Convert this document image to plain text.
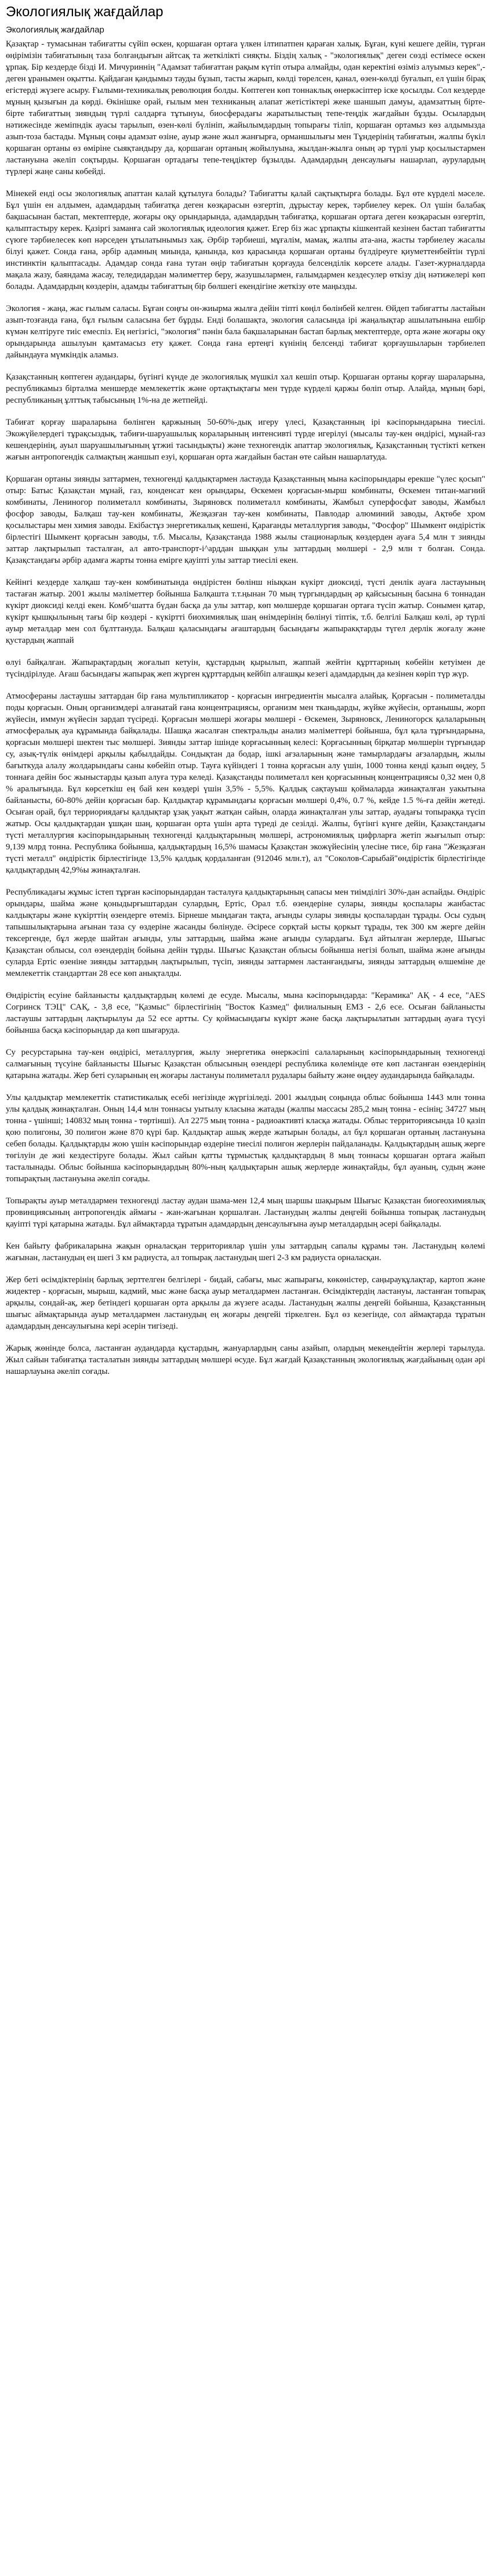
Экологиялық жағдайлар
Экологиялық жағдайлар

Қазақтар - тумасынан табиғатты сүйіп өскен, қоршаған ортаға үлкен ілтипатпен қараған халық. Бұған, күні кешеге дейін, түрған өңірімізін табиғатының таза болғандығын айтсақ та жеткілікті сияқты. Біздің халық - "экологиялық" деген сөзді естімесе өскен ұрпақ. Бір кездерде бізді И. Мичуриннің "Адамзат табиғаттан рақым күтіп отыра алмайды, одан керектіні өзіміз алуымыз керек",- деген ұранымен оқытты. Қайдаған қандымыз тауды бұзып, тасты жарып, көлді төрелсен, қанал, өзен-көлді буғалып, ел үшін бірақ егістерді жүзеге асыру. Ғылыми-техникалық революция болды. Көптеген көп тоннаклық өнеркәсіптер іске қосылды. Сол кездерде мұның қызығын да көрді. Өкінішке орай, ғылым мен техниканың алапат жетістіктері жеке шаншып дамуы, адамзаттың бірте-бірте табиғаттың зияндың түрлі салдарға тұтынуы, биосферадағы жаратылыстың тепе-теңдік жағдайын бұзды. Осылардың нәтижесінде жеміпндік ауасы тарылып, өзен-көлі бүлініп, жайылымдардың топырағы тіліп, қоршаған ортамыз көз алдымызда азып-тоза бастады. Мұның соңы адамзат өзіне, ауыр және жыл жанғырға, орманшылығы мен Тұндерінің табиғатын, жалпы бүкіл қоршаған ортаны өз өміріне сыяқтандыру да, қоршаған ортаның жойылуына, жылдан-жылға оның әр түрлі уыр қосылыстармен ластануына әкеліп соқтырды. Қоршаған ортадағы тепе-теңдіктер бұзылды. Адамдардың денсаулығы нашарлап, аурулардың түрлері жаңе саны көбейді.

Мінекей енді осы экологиялық апаттан калай құтылуға болады? Табиғатты қалай сақтықтырға болады. Бұл өте күрделі мәселе. Бұл үшін ен алдымен, адамдардың табиғатқа деген көзқарасын өзгертіп, дұрыстау керек, тәрбиелеу керек. Ол үшін балабақ бақшасынан бастап, мектептерде, жоғары оқу орындарында, адамдардың табиғатқа, қоршаған ортаға деген көзқарасын өзгертіп, қалыптастыру керек. Қазіргі заманға сай экологиялық идеология қажет. Егер біз жас ұрпақты кішкентай кезінен бастап табиғатты сүюге тәрбиелесек көп нәрседен ұтылатынымыз хақ. Әрбір тәрбиеші, мұғалім, мамақ, жалпы ата-ана, жасты тәрбиелеу жасалы білуі қажет. Сонда ғана, әрбір адамның миында, қанында, көз қарасында қоршаған ортаны бүлдіреуге қиуметтенбейтін түрлі инстинктін қалыптасады. Адамдар сонда ғана тутан өңір табиғатын қорғауда белсенділік көрсете алады. Газет-журналдарда мақала жазу, баяндама жасау, теледидардан мәлиметтер беру, жазушылармен, ғалымдармен кездесулер өткізу дің нәтижелері көп болады. Адамдардың көздерін, адамды табиғаттың бір бөлшегі екендігіне жеткізу өте маңызды.

Экология - жаңа, жас ғылым саласы. Бұған соңғы он-жиырма жылға дейін тіпті көңіл бөлінбей келген. Өйдеп табиғатты ластайын азып-тозғанда ғана, бұл ғылым саласына бет бұрды. Енді болашақта, экология саласында ірі жаңалықтар ашылатынына ешбір күмән келтіруге тиіс емеспіз. Ең негізгісі, "экология" пәнін бала бақшаларынан бастап барлық мектептерде, орта және жоғары оқу орындарында ашылуын қамтамасыз ету қажет. Сонда ғана ертеңгі күнінің белсенді табиғат қорғаушыларын тәрбиелеп дайындауға мүмкіндік аламыз.

Қазақстанның көптеген аудандары, бүгінгі күнде де экологиялық мүшкіл хал кешіп отыр. Қоршаған ортаны қорғау шараларына, республикамыз бірталма меншерде мемлекеттік және ортақтықтағы мен түрде күрделі қаржы бөліп отыр. Алайда, мұның бәрі, республиканың ұлттық табысының 1%-на де жетпейді.

Табиғат қорғау шараларына бөлінген қаржының 50-60%-дық игеру үлесі, Қазақстанның ірі кәсіпорындарына тиесілі. Экожүйелердегі тұрақсыздық, табиғи-шаруашылық кораларының интенсивті түрде игерілуі (мысалы тау-кен өндірісі, мұнай-газ кешендерінің, ауыл шаруашылығының ұтжиі тасындықты) және техногендік апаттар экологиялық, Қазақстанның түстікті кеткен жағын антропогендік салмақтың жаншып езуі, қоршаған орта жағдайын бастан өте сайын нашарлатуда.

Қоршаған ортаны зиянды заттармен, техногенді қалдықтармен ластауда Қазақстанның мына кәсіпорындары ерекше "үлес қосып" отыр: Батыс Қазақстан мұнай, газ, конденсат кен орындары, Өскемен қорғасын-мырш комбинаты, Өскемен титан-магний комбинаты, Лениногор полиметалл комбинаты, Зыряновск полиметалл комбинаты, Жамбыл суперфосфат заводы, Жамбыл фосфор заводы, Балқаш тау-кен комбинаты, Жезқазған тау-кен комбинаты, Павлодар алюминий заводы, Ақтөбе хром қосылыстары мен химия заводы. Екібастұз энергетикалық кешені, Қарағанды металлургия заводы, "Фосфор" Шымкент өндірістік бірлестігі Шымкент қорғасын заводы, т.б. Мысалы, Қазақстанда 1988 жылы стационарлық көздерден ауаға 5,4 млн т зиянды заттар лақтырылып тасталған, ал авто-транспорт-і^арддан шыққан улы заттардың мөлшері - 2,9 млн т болған. Сонда. Қазақстандағы әрбір адамға жарты тонна еміргe қауіпті улы заттар тиесілі екен.

Кейінгі кездерде халқаш тау-кен комбинатында өндірістен бөлінш ніықкан күкірт диоксиді, түсті денлік ауаға ластауының тастаған жатыр. 2001 жылы мәліметтер бойынша Балқашта т.т.ңынан 70 мың түргындардың әр қайсысының басына 6 тоннадан күкірт диоксиді келді екен. Комб^шатта бүдан басқа да улы заттар, көп мөлшерде қоршаған ортаға түсіп жатыр. Сонымен қатар, күкірт қышқылының тағы бір көздері - күкіртті биохимиялық шаң өнімдерінің бөлінуі тіптік, т.б. белгілі Балқаш көлі, әр түрлі ауыр металдар мен сол бұлттануда. Балқаш қаласындағы ағаштардың басындағы жапыракқтарды түгел дерлік жоғалу және қустардың жаппай

өлуі байқалған. Жапырақтардың жоғалып кетуін, құстардың қырылып, жаппай жейтін құрттарның көбейін кетуімен де түсіндірілуде. Ағаш басындағы жапырақ жеп жүрген құрттардың кейбіп алғашқы кезегі адамдардың да кезінен көріп түр жүр.

Атмосфераны ластаушы заттардан бір ғана мультипликатор - қорғасын ингредиентін мысалға алайық. Қорғасын - полиметалды поды қорғасын. Оның организмдері алғанатай ғана концентрациясы, организм мен тканьдарды, жүйке жүйесін, ортанышы, жорп жүйесін, иммун жүйесін зардап түсіреді. Қорғасын мөлшері жоғары мөлшері - Өскемен, Зыряновск, Лениногорск қалаларының атмосфералық ауа құрамында байқалады. Шашқа жасалған спектральды анализ мәліметтері бойынша, бұл қала тұрғындарына, қорғасын мөлшері шектен тыс мөлшері. Зиянды заттар ішінде қорғасынның келесі: Қорғасынның бірқатар мөлшерін түрғындар су, азық-түлік өнімдері арқылы қабылдайды. Сондықтан да бодар, ішкі ағзаларының және тамырлардағы ағзалардың, жылы бағыткуда алалу жолдарындағы саны көбейіп отыр. Тауға күйіндегі 1 тонна қорғасын алу үшін, 1000 тонна кенді қазып өңдеу, 5 тоннаға дейін бос жыныстарды қазып алуға тура келеді. Қазақстанды полиметалл кен қорғасынның концентрациясы 0,32 мен 0,8 % аралығында. Бұл көрсеткіш ең бай кен көздері үшін 3,5% - 5,5%. Қалдық сақтауыш қоймаларда жинақталған уакытына байланысты, 60-80% дейін қорғасын бар. Қалдықтар құрамындағы қорғасын мөлшері 0,4%, 0.7 %, кейде 1.5 %-ға дейін жетеді. Осыған орай, бұл терриориядағы қалдықтар ұзақ уақыт жатқан сайын, оларда жинақталған улы заттар, ауадағы топыраққа түсіп жатыр. Осы қалдықтардан ұшқан шаң, қоршаған орта үшін арта түреді де сезілді. Жалпы, бүгінгі күнге дейін, Қазақстандағы түсті металлургия кәсіпорындарының техногенді қалдықтарының мөлшері, астрономиялық цифрларға жетіп жығылып отыр: 9,139 млрд тонна. Республика бойынша, қалдықтардың 16,5% шамасы Қазақстан экожүйесінің үлесіне тисе, бір ғана "Жезқазған түсті металл" өндірістік бірлестігінде 13,5% қалдық қордаланған (912046 млн.т), ал "Соколов-Сарыбай"өндірістік бірлестігінде қалдықтардың 42,9%ы жинақталған.

Республикадағы жұмыс істеп тұрған кәсіпорындардан тасталуға қалдықтарының сапасы мен тиімділігі 30%-дан аспайды. Өндіріс орындары, шайма және қоныдырғыштардан сулардың, Ертіс, Орал т.б. өзендеріне сулары, зиянды қоспалары жанбастас калдықтары және күкірттің өзендерге өтеміз. Бірнеше мыңдаған тақта, ағынды сулары зиянды қоспалардан тұрады. Осы судың тапышылықтарына ағынан таза су өздеріне жасанды бөлінуде. Әсіресе сорқтай ысты қоркыт тұрады, тек 300 км жерге дейін тексергенде, бұл жерде шайтан ағынды, улы заттардың, шайма және ағынды сулардағы. Бұл айтылған жерлерде, Шығыс Қазақстан облысы, сол өзендердің бойына дейін тұрды. Шығыс Қазақстан облысы бойынша негізі болып, шайма және ағынды суларда Ертіс өзеніне зиянды заттардың лақтырылып, түсіп, зиянды заттармен ластанғандығы, зиянды заттардың өлшеміне де мемлекеттік стандарттан 28 есе көп анықталды.

Өндірістің есуіне байланысты қалдықтардың көлемі де есуде. Мысалы, мына кәсіпорындарда: "Керамика" АҚ - 4 есе, "АЕS Согринск ТЭЦ" САҚ, - 3,8 есе, "Қазмыс" бірлестігінің "Восток Казмед" филиалының ЕМЗ - 2,6 есе. Осыған байланысты ластаушы заттардың лақтырылуы да 52 есе артты. Су қоймасындағы күкірт және басқа лақтырылатын заттардың ауаға түсуі бойынша басқа кәсіпорындар да көп шығаруда.

Су ресурстарына тау-кен өндірісі, металлургия, жылу энергетика өнеркәсіпі салаларының кәсіпорындарының техногенді салмағының түсуіне байланысты Шығыс Қазақстан облысының өзендері республика көлемінде өте көп ластанған өзендерінің қатарына жатады. Жер беті суларының ең жоғары ластануы полиметалл рудалары байыту және өңдеу аудандарында байқалады.

Улы қалдықтар мемлекеттік статистикалық есебі негізінде жүргізіледі. 2001 жылдың соңында облыс бойынша 1443 млн тонна улы қалдық жинақталған. Оның 14,4 млн тоннасы уытылу класына жатады (жалпы массасы 285,2 мың тонна - есінің; 34727 мың тонна - үшінші; 140832 мың тонна - төртінші). Ал 2275 мың тонна - радиоактивті класқа жатады. Облыс территориясында 10 қазіп қою полигоны, 30 полигон және 870 қүрі бар. Қалдықтар ашық жерде жатырын болады, ал бұл қоршаған ортаның ластануына себеп болады. Қалдықтарды жою үшін кәсіпорындар өздеріне тиесілі полигон жерлерін пайдаланады. Қалдықтардың ашық жерге төгілуін де жиі кездестіруге болады. Жыл сайын қатты тұрмыстық қалдықтардың 8 мың тоннасы қоршаған ортаға жайып тасталынады. Облыс бойынша кәсіпорындардың 80%-ның қалдықтарын ашық жерлерде жинақтайды, бұл ауаның, судың және топырақтың ластануына әкеліп соғады.

Топырақты ауыр металдармен техногенді ластау аудан шама-мен 12,4 мың шаршы шақырым Шығыс Қазақстан биогеохимиялық провинциясының антропогендік аймағы - жан-жағынан қоршалған. Ластанудың жалпы деңгейі бойынша топырақ ластанудың қауіпті түрі қатарына жатады. Бұл аймақтарда тұратын адамдардың денсаулығына ауыр металдардың әсері байқалады.

Кен байыту фабрикаларына жақын орналасқан территориялар үшін улы заттардың сапалы құрамы тән. Ластанудың көлемі жағынан, ластанудың ең шегі 3 км радиуста, ал топырақ ластанудың шегі 2-3 км радиуста орналасқан.

Жер беті өсімдіктерінің барлық зерттелген белгілері - бидай, сабағы, мыс жапырағы, көкөністер, саңырауқұлақтар, картоп және жидектер - қорғасын, мырыш, кадмий, мыс және басқа ауыр металдармен ластанған. Өсімдіктердің ластануы, ластанған топырақ арқылы, сондай-ақ, жер бетіндегі қоршаған орта арқылы да жүзеге асады. Ластанудың жалпы деңгейі бойынша, Қазақстанның шығыс аймақтарында ауыр металдармен ластанудың ең жоғары деңгейі тіркелген. Бұл өз кезегінде, сол аймақтарда тұратын адамдардың денсаулығына кері әсерін тигізеді.

Жарық жөнінде болса, ластанған аудандарда құстардың, жануарлардың саны азайып, олардың мекендейтін жерлері тарылуда. Жыл сайын табиғатқа тасталатын зиянды заттардың мөлшері өсуде. Бұл жағдай Қазақстанның экологиялық жағдайының одан әрі нашарлауына әкеліп соғады.
